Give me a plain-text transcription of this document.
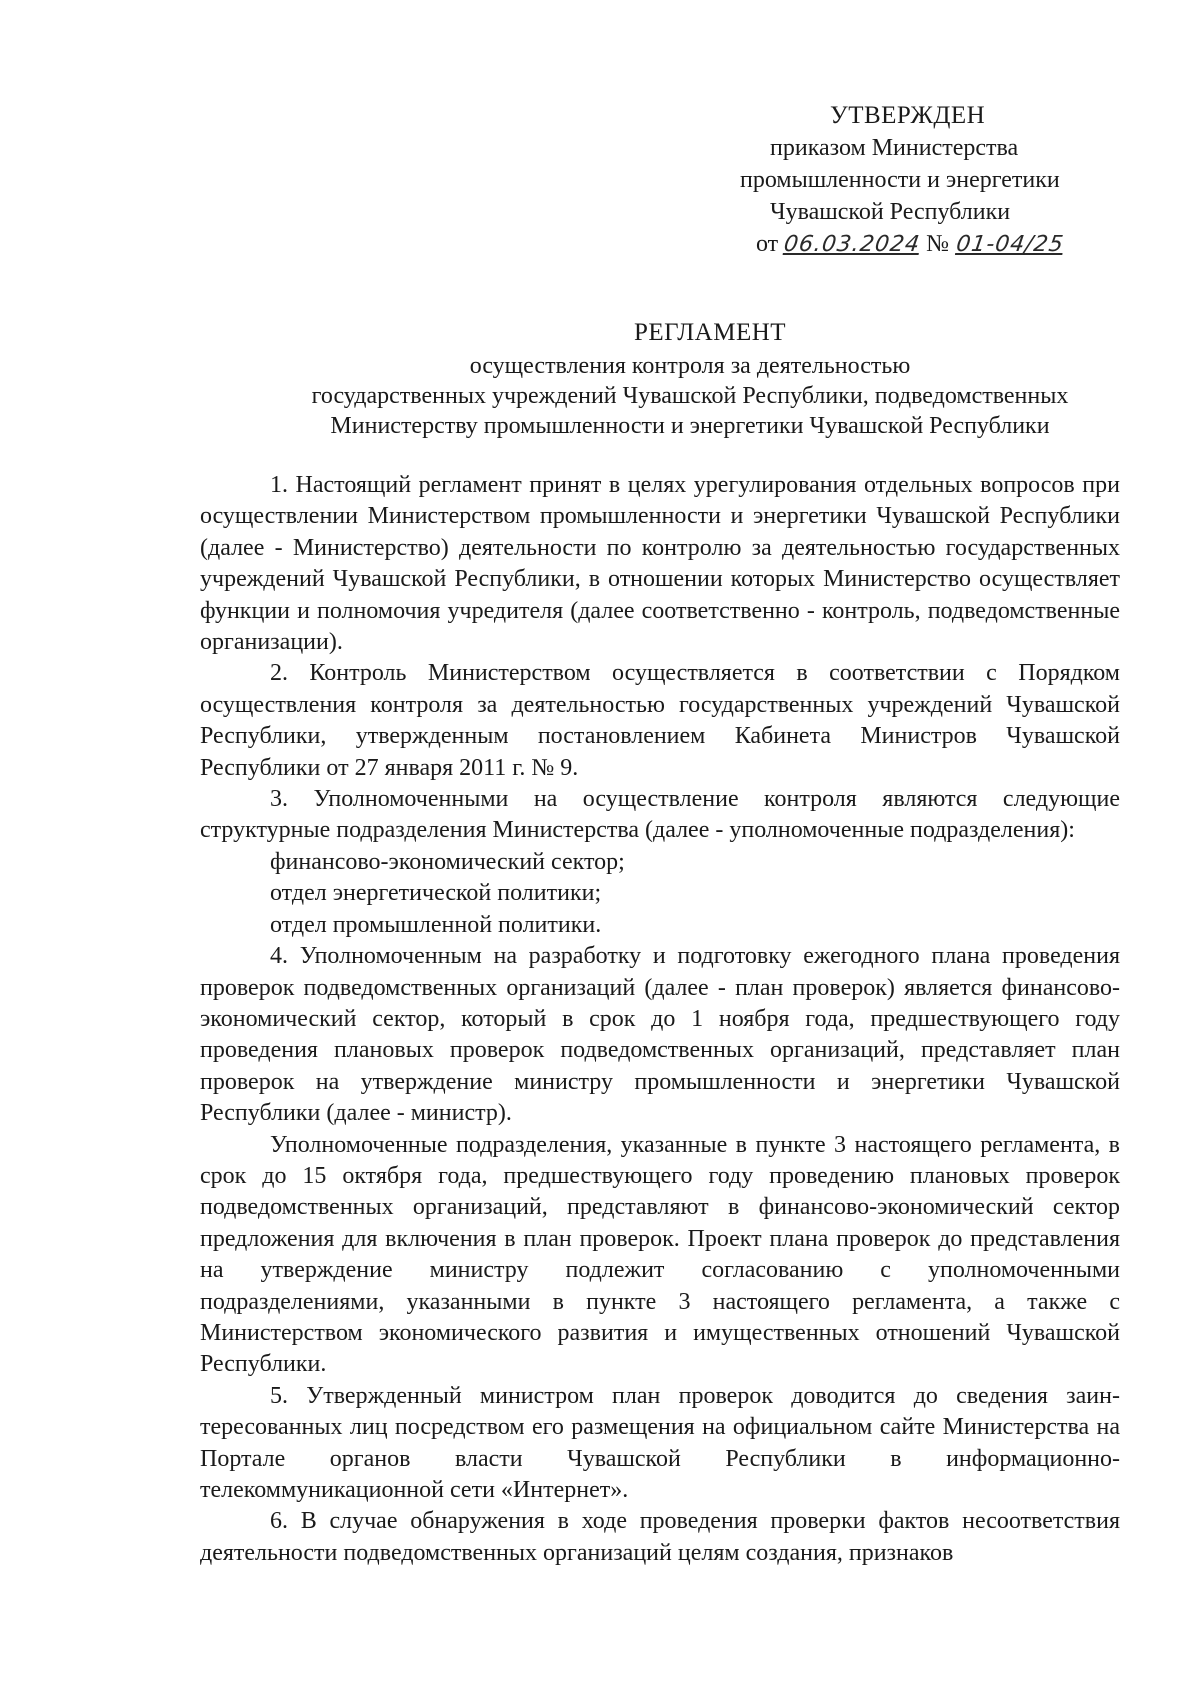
УТВЕРЖДЕН
приказом Министерства
промышленности и энергетики
Чувашской Республики
от 06.03.2024 № 01-04/25
РЕГЛАМЕНТ
осуществления контроля за деятельностью
государственных учреждений Чувашской Республики, подведомственных
Министерству промышленности и энергетики Чувашской Республики

1. Настоящий регламент принят в целях урегулирования отдельных вопросов при осуществлении Министерством промышленности и энергетики Чувашской Республики (далее - Министерство) деятельности по контролю за деятельностью государственных учреждений Чувашской Республики, в отношении которых Министерство осуществляет функции и полномочия учредителя (далее соответственно - контроль, подведомственные организации).

2. Контроль Министерством осуществляется в соответствии с Порядком осуществления контроля за деятельностью государственных учреждений Чувашской Республики, утвержденным постановлением Кабинета Министров Чувашской Республики от 27 января 2011 г. № 9.

3. Уполномоченными на осуществление контроля являются следующие структурные подразделения Министерства (далее - уполномоченные подразделения):

финансово-экономический сектор;

отдел энергетической политики;

отдел промышленной политики.

4. Уполномоченным на разработку и подготовку ежегодного плана проведения проверок подведомственных организаций (далее - план проверок) является финансово-экономический сектор, который в срок до 1 ноября года, предшествующего году проведения плановых проверок подведомственных организаций, представляет план проверок на утверждение министру промышленности и энергетики Чувашской Республики (далее - министр).

Уполномоченные подразделения, указанные в пункте 3 настоящего регламента, в срок до 15 октября года, предшествующего году проведению плановых проверок подведомственных организаций, представляют в финансово-экономический сектор предложения для включения в план проверок. Проект плана проверок до представления на утверждение министру подлежит согласованию с уполномоченными подразделениями, указанными в пункте 3 настоящего регламента, а также с Министерством экономического развития и имущественных отношений Чувашской Республики.

5. Утвержденный министром план проверок доводится до сведения заинтересованных лиц посредством его размещения на официальном сайте Министерства на Портале органов власти Чувашской Республики в информационно-телекоммуникационной сети «Интернет».

6. В случае обнаружения в ходе проведения проверки фактов несоответствия деятельности подведомственных организаций целям создания, признаков
